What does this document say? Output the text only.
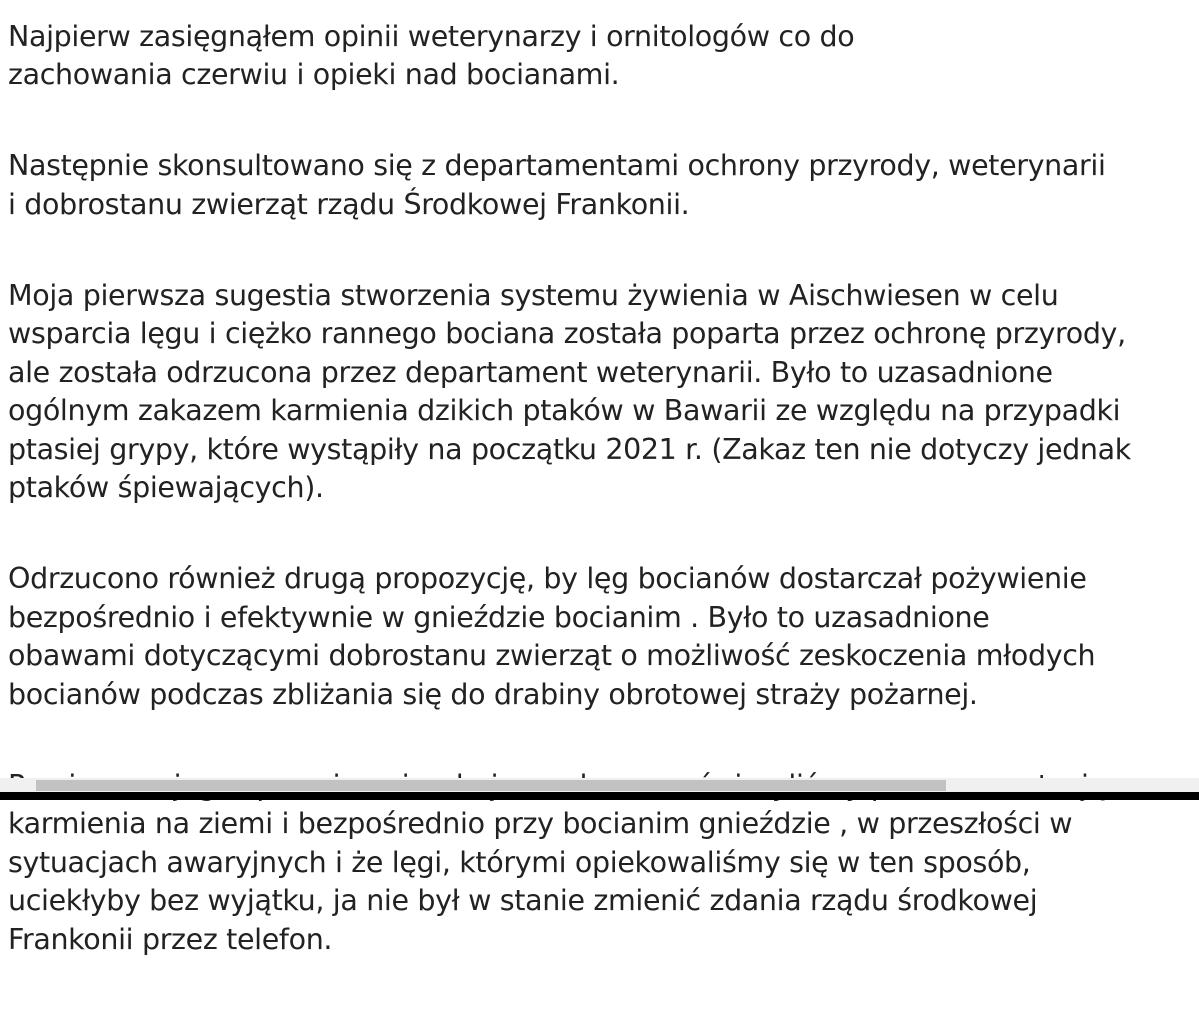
Najpierw zasięgnąłem opinii weterynarzy i ornitologów co do
zachowania czerwiu i opieki nad bocianami.

Następnie skonsultowano się z departamentami ochrony przyrody, weterynarii
i dobrostanu zwierząt rządu Środkowej Frankonii.

Moja pierwsza sugestia stworzenia systemu żywienia w Aischwiesen w celu
wsparcia lęgu i ciężko rannego bociana została poparta przez ochronę przyrody,
ale została odrzucona przez departament weterynarii. Było to uzasadnione
ogólnym zakazem karmienia dzikich ptaków w Bawarii ze względu na przypadki
ptasiej grypy, które wystąpiły na początku 2021 r. (Zakaz ten nie dotyczy jednak
ptaków śpiewających).

Odrzucono również drugą propozycję, by lęg bocianów dostarczał pożywienie
bezpośrednio i efektywnie w gnieździe bocianim . Było to uzasadnione
obawami dotyczącymi dobrostanu zwierząt o możliwość zeskoczenia młodych
bocianów podczas zbliżania się do drabiny obrotowej straży pożarnej.

karmienia na ziemi i bezpośrednio przy bocianim gnieździe , w przeszłości w
sytuacjach awaryjnych i że lęgi, którymi opiekowaliśmy się w ten sposób,
uciekłyby bez wyjątku, ja nie był w stanie zmienić zdania rządu środkowej
Frankonii przez telefon.
